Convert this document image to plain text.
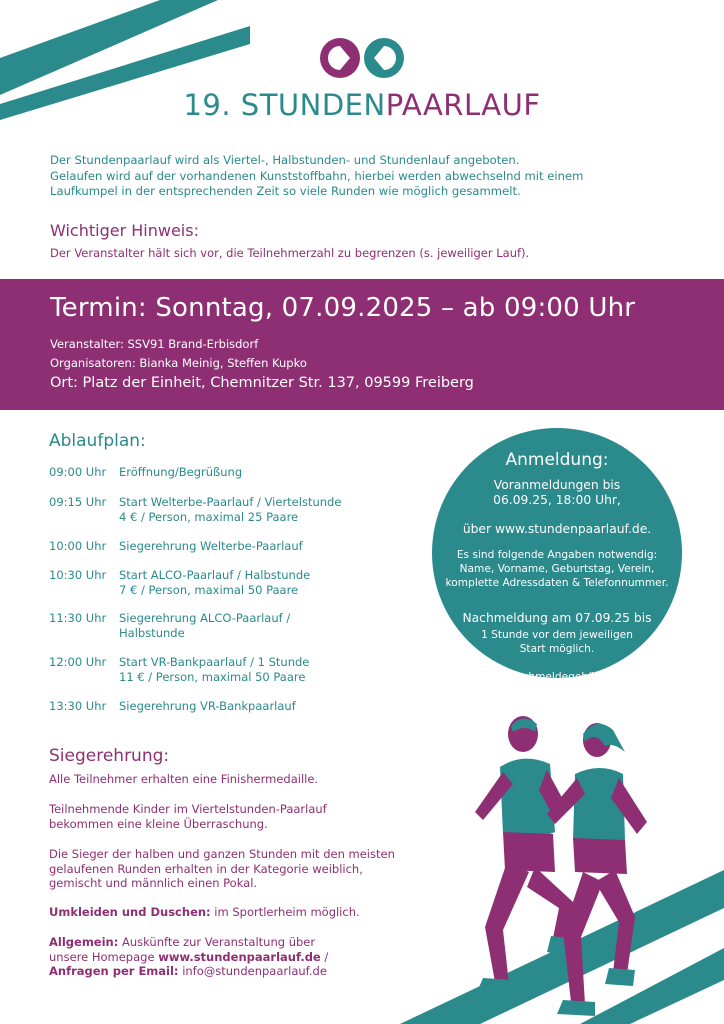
19. STUNDENPAARLAUF
Der Stundenpaarlauf wird als Viertel-, Halbstunden- und Stundenlauf angeboten.
Gelaufen wird auf der vorhandenen Kunststoffbahn, hierbei werden abwechselnd mit einem
Laufkumpel in der entsprechenden Zeit so viele Runden wie möglich gesammelt.
Wichtiger Hinweis:
Der Veranstalter hält sich vor, die Teilnehmerzahl zu begrenzen (s. jeweiliger Lauf).
Termin: Sonntag, 07.09.2025 – ab 09:00 Uhr
Veranstalter: SSV91 Brand-Erbisdorf
Organisatoren: Bianka Meinig, Steffen Kupko
Ort: Platz der Einheit, Chemnitzer Str. 137, 09599 Freiberg
Ablaufplan:
09:00 Uhr	Eröffnung/Begrüßung
09:15 Uhr	Start Welterbe-Paarlauf / Viertelstunde
4 € / Person, maximal 25 Paare
10:00 Uhr	Siegerehrung Welterbe-Paarlauf
10:30 Uhr	Start ALCO-Paarlauf / Halbstunde
7 € / Person, maximal 50 Paare
11:30 Uhr	Siegerehrung ALCO-Paarlauf /
Halbstunde
12:00 Uhr	Start VR-Bankpaarlauf / 1 Stunde
11 € / Person, maximal 50 Paare
13:30 Uhr	Siegerehrung VR-Bankpaarlauf
Anmeldung:
Voranmeldungen bis
06.09.25, 18:00 Uhr,
über www.stundenpaarlauf.de.
Es sind folgende Angaben notwendig:
Name, Vorname, Geburtstag, Verein,
komplette Adressdaten & Telefonnummer.
Nachmeldung am 07.09.25 bis
1 Stunde vor dem jeweiligen
Start möglich.
Nachmeldegebühr
2,00 Euro / Person
Siegerehrung:
Alle Teilnehmer erhalten eine Finishermedaille.
Teilnehmende Kinder im Viertelstunden-Paarlauf
bekommen eine kleine Überraschung.
Die Sieger der halben und ganzen Stunden mit den meisten
gelaufenen Runden erhalten in der Kategorie weiblich,
gemischt und männlich einen Pokal.
Umkleiden und Duschen: im Sportlerheim möglich.
Allgemein: Auskünfte zur Veranstaltung über
unsere Homepage www.stundenpaarlauf.de /
Anfragen per Email: info@stundenpaarlauf.de
